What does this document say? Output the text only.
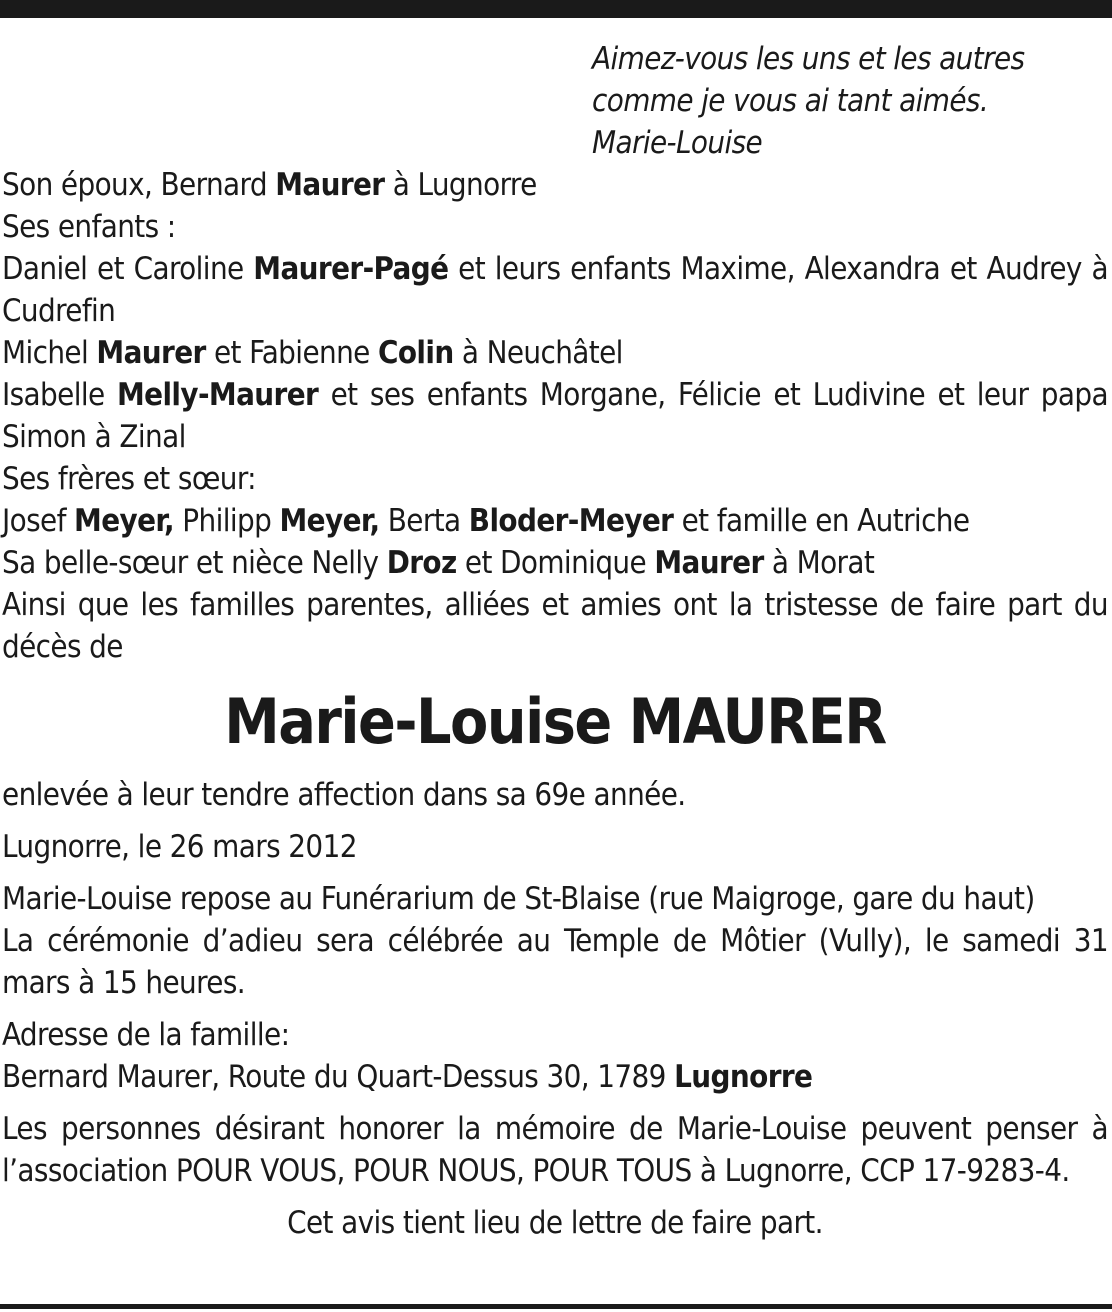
Aimez-vous les uns et les autres
comme je vous ai tant aimés.
Marie-Louise
Son époux, Bernard Maurer à Lugnorre
Ses enfants :
Daniel et Caroline Maurer-Pagé et leurs enfants Maxime, Alexandra et Audrey à Cudrefin
Michel Maurer et Fabienne Colin à Neuchâtel
Isabelle Melly-Maurer et ses enfants Morgane, Félicie et Ludivine et leur papa Simon à Zinal
Ses frères et sœur:
Josef Meyer, Philipp Meyer, Berta Bloder-Meyer et famille en Autriche
Sa belle-sœur et nièce Nelly Droz et Dominique Maurer à Morat
Ainsi que les familles parentes, alliées et amies ont la tristesse de faire part du décès de
Marie-Louise MAURER
enlevée à leur tendre affection dans sa 69e année.
Lugnorre, le 26 mars 2012
Marie-Louise repose au Funérarium de St-Blaise (rue Maigroge, gare du haut)
La cérémonie d’adieu sera célébrée au Temple de Môtier (Vully), le samedi 31 mars à 15 heures.
Adresse de la famille:
Bernard Maurer, Route du Quart-Dessus 30, 1789 Lugnorre
Les personnes désirant honorer la mémoire de Marie-Louise peuvent penser à l’association POUR VOUS, POUR NOUS, POUR TOUS à Lugnorre, CCP 17-9283-4.
Cet avis tient lieu de lettre de faire part.
